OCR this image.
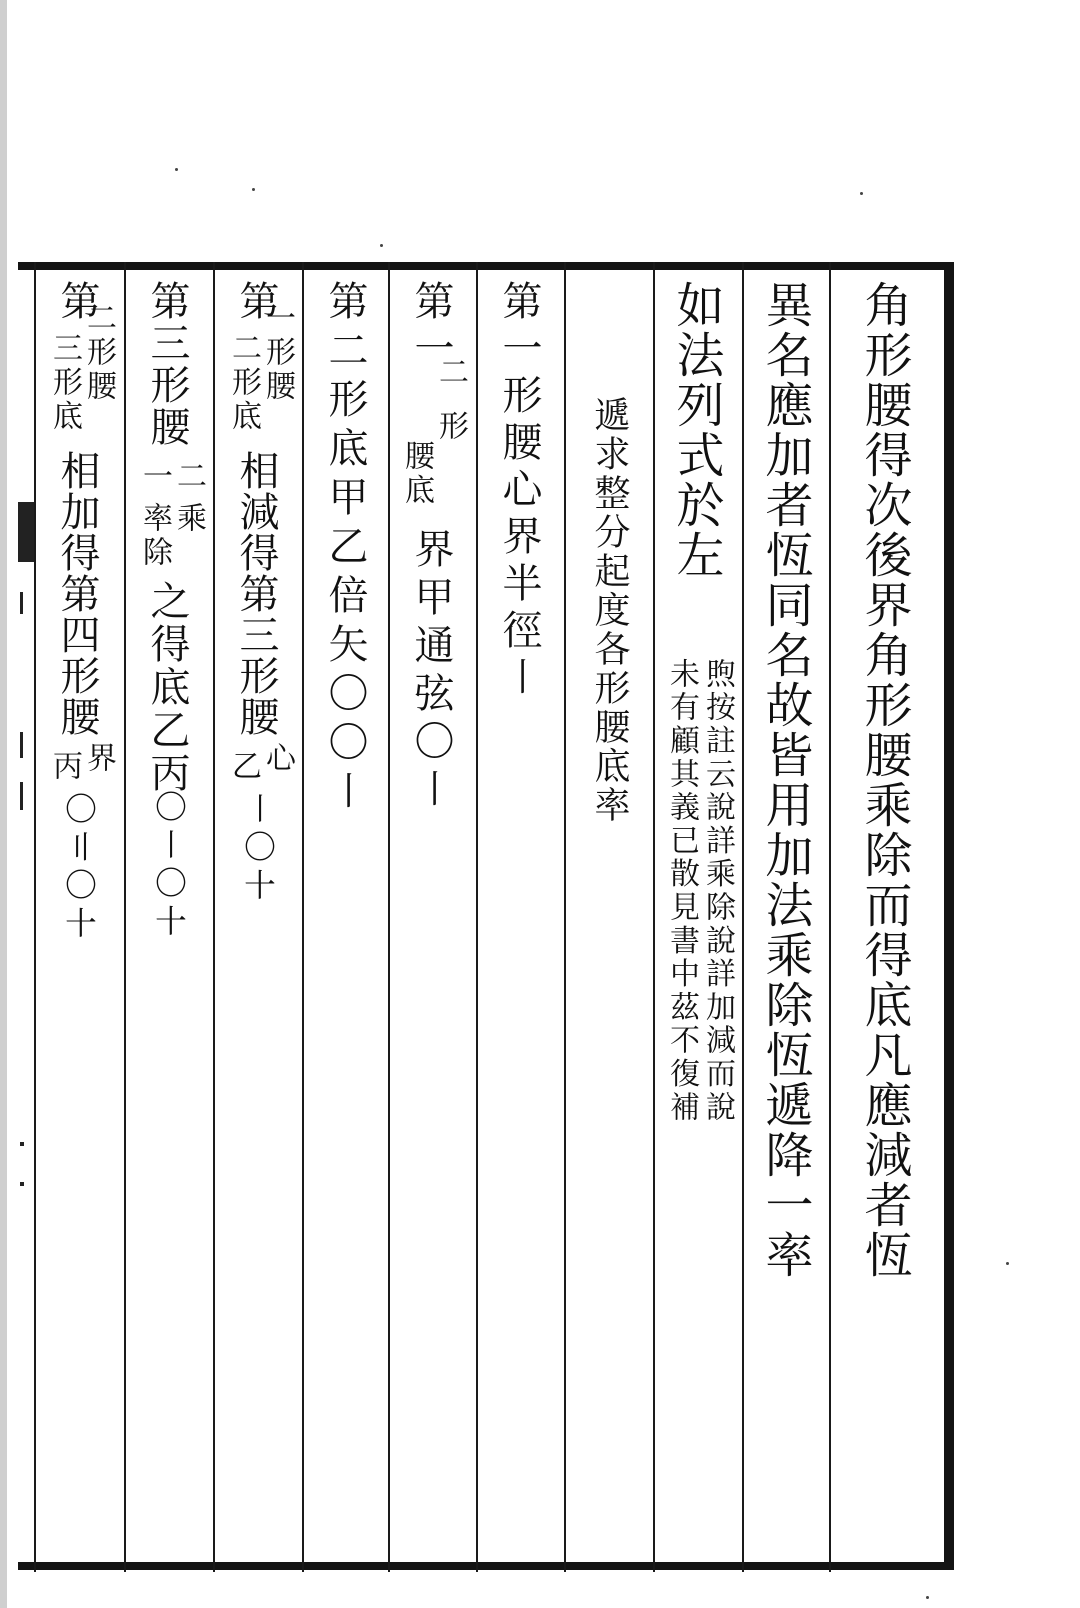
角形腰得次後界角形腰乘除而得底凡應減者恆
異名應加者恆同名故皆用加法乘除恆遞降一率
如法列式於左
煦按註云說詳乘除說詳加減而說
未有顧其義已散見書中茲不復補
遞求整分起度各形腰底率
第一形腰心界半徑〡
第一
二形
腰底
界甲通弦〇〡
第二形底甲乙倍矢〇〇〡
第
一形腰
二形底
相減得第三形腰
心
乙
〡〇〸
第三形腰
二
一
乘
率除
之得底乙丙
〇〡〇〸
第
二形腰
三形底
相加得第四形腰
界
丙
〇〢〇〸
